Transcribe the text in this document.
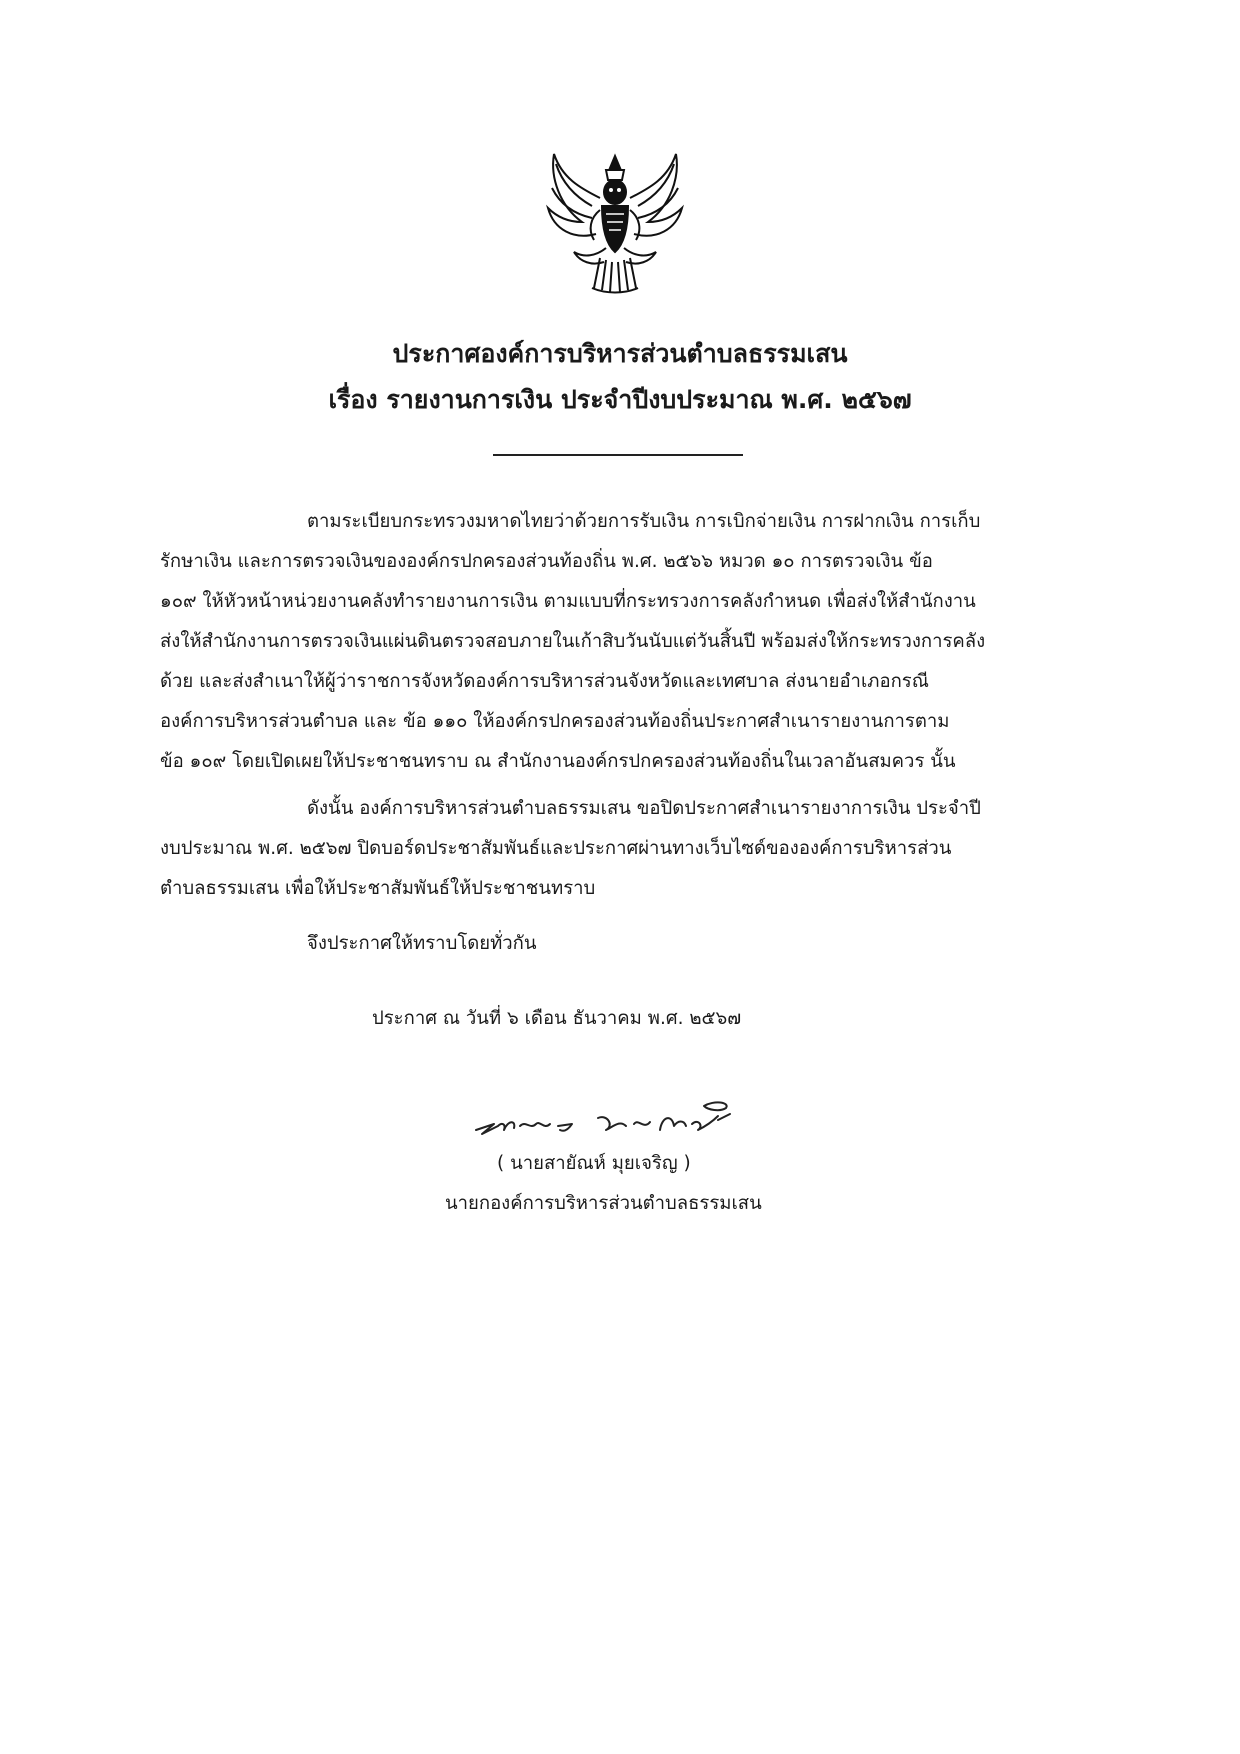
ประกาศองค์การบริหารส่วนตำบลธรรมเสน
เรื่อง รายงานการเงิน ประจำปีงบประมาณ พ.ศ. ๒๕๖๗
ตามระเบียบกระทรวงมหาดไทยว่าด้วยการรับเงิน การเบิกจ่ายเงิน การฝากเงิน การเก็บ
รักษาเงิน และการตรวจเงินขององค์กรปกครองส่วนท้องถิ่น พ.ศ. ๒๕๖๖ หมวด ๑๐ การตรวจเงิน ข้อ
๑๐๙ ให้หัวหน้าหน่วยงานคลังทำรายงานการเงิน ตามแบบที่กระทรวงการคลังกำหนด เพื่อส่งให้สำนักงาน
ส่งให้สำนักงานการตรวจเงินแผ่นดินตรวจสอบภายในเก้าสิบวันนับแต่วันสิ้นปี พร้อมส่งให้กระทรวงการคลัง
ด้วย และส่งสำเนาให้ผู้ว่าราชการจังหวัดองค์การบริหารส่วนจังหวัดและเทศบาล ส่งนายอำเภอกรณี
องค์การบริหารส่วนตำบล และ ข้อ ๑๑๐ ให้องค์กรปกครองส่วนท้องถิ่นประกาศสำเนารายงานการตาม
ข้อ ๑๐๙ โดยเปิดเผยให้ประชาชนทราบ ณ สำนักงานองค์กรปกครองส่วนท้องถิ่นในเวลาอันสมควร นั้น
ดังนั้น องค์การบริหารส่วนตำบลธรรมเสน ขอปิดประกาศสำเนารายงาการเงิน ประจำปี
งบประมาณ พ.ศ. ๒๕๖๗ ปิดบอร์ดประชาสัมพันธ์และประกาศผ่านทางเว็บไซด์ขององค์การบริหารส่วน
ตำบลธรรมเสน เพื่อให้ประชาสัมพันธ์ให้ประชาชนทราบ
จึงประกาศให้ทราบโดยทั่วกัน
ประกาศ ณ วันที่ ๖ เดือน ธันวาคม พ.ศ. ๒๕๖๗
( นายสายัณห์ มุยเจริญ )
นายกองค์การบริหารส่วนตำบลธรรมเสน
